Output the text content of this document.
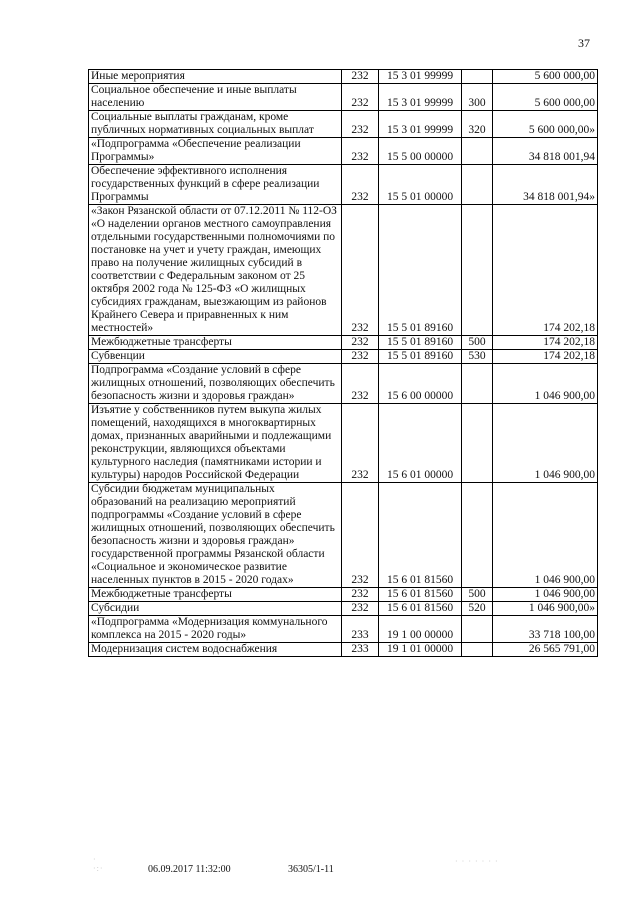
37
Иные мероприятия	232	15 3 01 99999		5 600 000,00
Социальное обеспечение и иные выплаты населению	232	15 3 01 99999	300	5 600 000,00
Социальные выплаты гражданам, кроме публичных нормативных социальных выплат	232	15 3 01 99999	320	5 600 000,00»
«Подпрограмма «Обеспечение реализации Программы»	232	15 5 00 00000		34 818 001,94
Обеспечение эффективного исполнения государственных функций в сфере реализации Программы	232	15 5 01 00000		34 818 001,94»
«Закон Рязанской области от 07.12.2011 № 112-ОЗ «О наделении органов местного самоуправления отдельными государственными полномочиями по постановке на учет и учету граждан, имеющих право на получение жилищных субсидий в соответствии с Федеральным законом от 25 октября 2002 года № 125-ФЗ «О жилищных субсидиях гражданам, выезжающим из районов Крайнего Севера и приравненных к ним местностей»	232	15 5 01 89160		174 202,18
Межбюджетные трансферты	232	15 5 01 89160	500	174 202,18
Субвенции	232	15 5 01 89160	530	174 202,18
Подпрограмма «Создание условий в сфере жилищных отношений, позволяющих обеспечить безопасность жизни и здоровья граждан»	232	15 6 00 00000		1 046 900,00
Изъятие у собственников путем выкупа жилых помещений, находящихся в многоквартирных домах, признанных аварийными и подлежащими реконструкции, являющихся объектами культурного наследия (памятниками истории и культуры) народов Российской Федерации	232	15 6 01 00000		1 046 900,00
Субсидии бюджетам муниципальных образований на реализацию мероприятий подпрограммы «Создание условий в сфере жилищных отношений, позволяющих обеспечить безопасность жизни и здоровья граждан» государственной программы Рязанской области «Социальное и экономическое развитие населенных пунктов в 2015 - 2020 годах»	232	15 6 01 81560		1 046 900,00
Межбюджетные трансферты	232	15 6 01 81560	500	1 046 900,00
Субсидии	232	15 6 01 81560	520	1 046 900,00»
«Подпрограмма «Модернизация коммунального комплекса на 2015 - 2020 годы»	233	19 1 00 00000		33 718 100,00
Модернизация систем водоснабжения	233	19 1 01 00000		26 565 791,00
06.09.2017 11:32:00	36305/1-11
·
·:·
· · · · · · ·
